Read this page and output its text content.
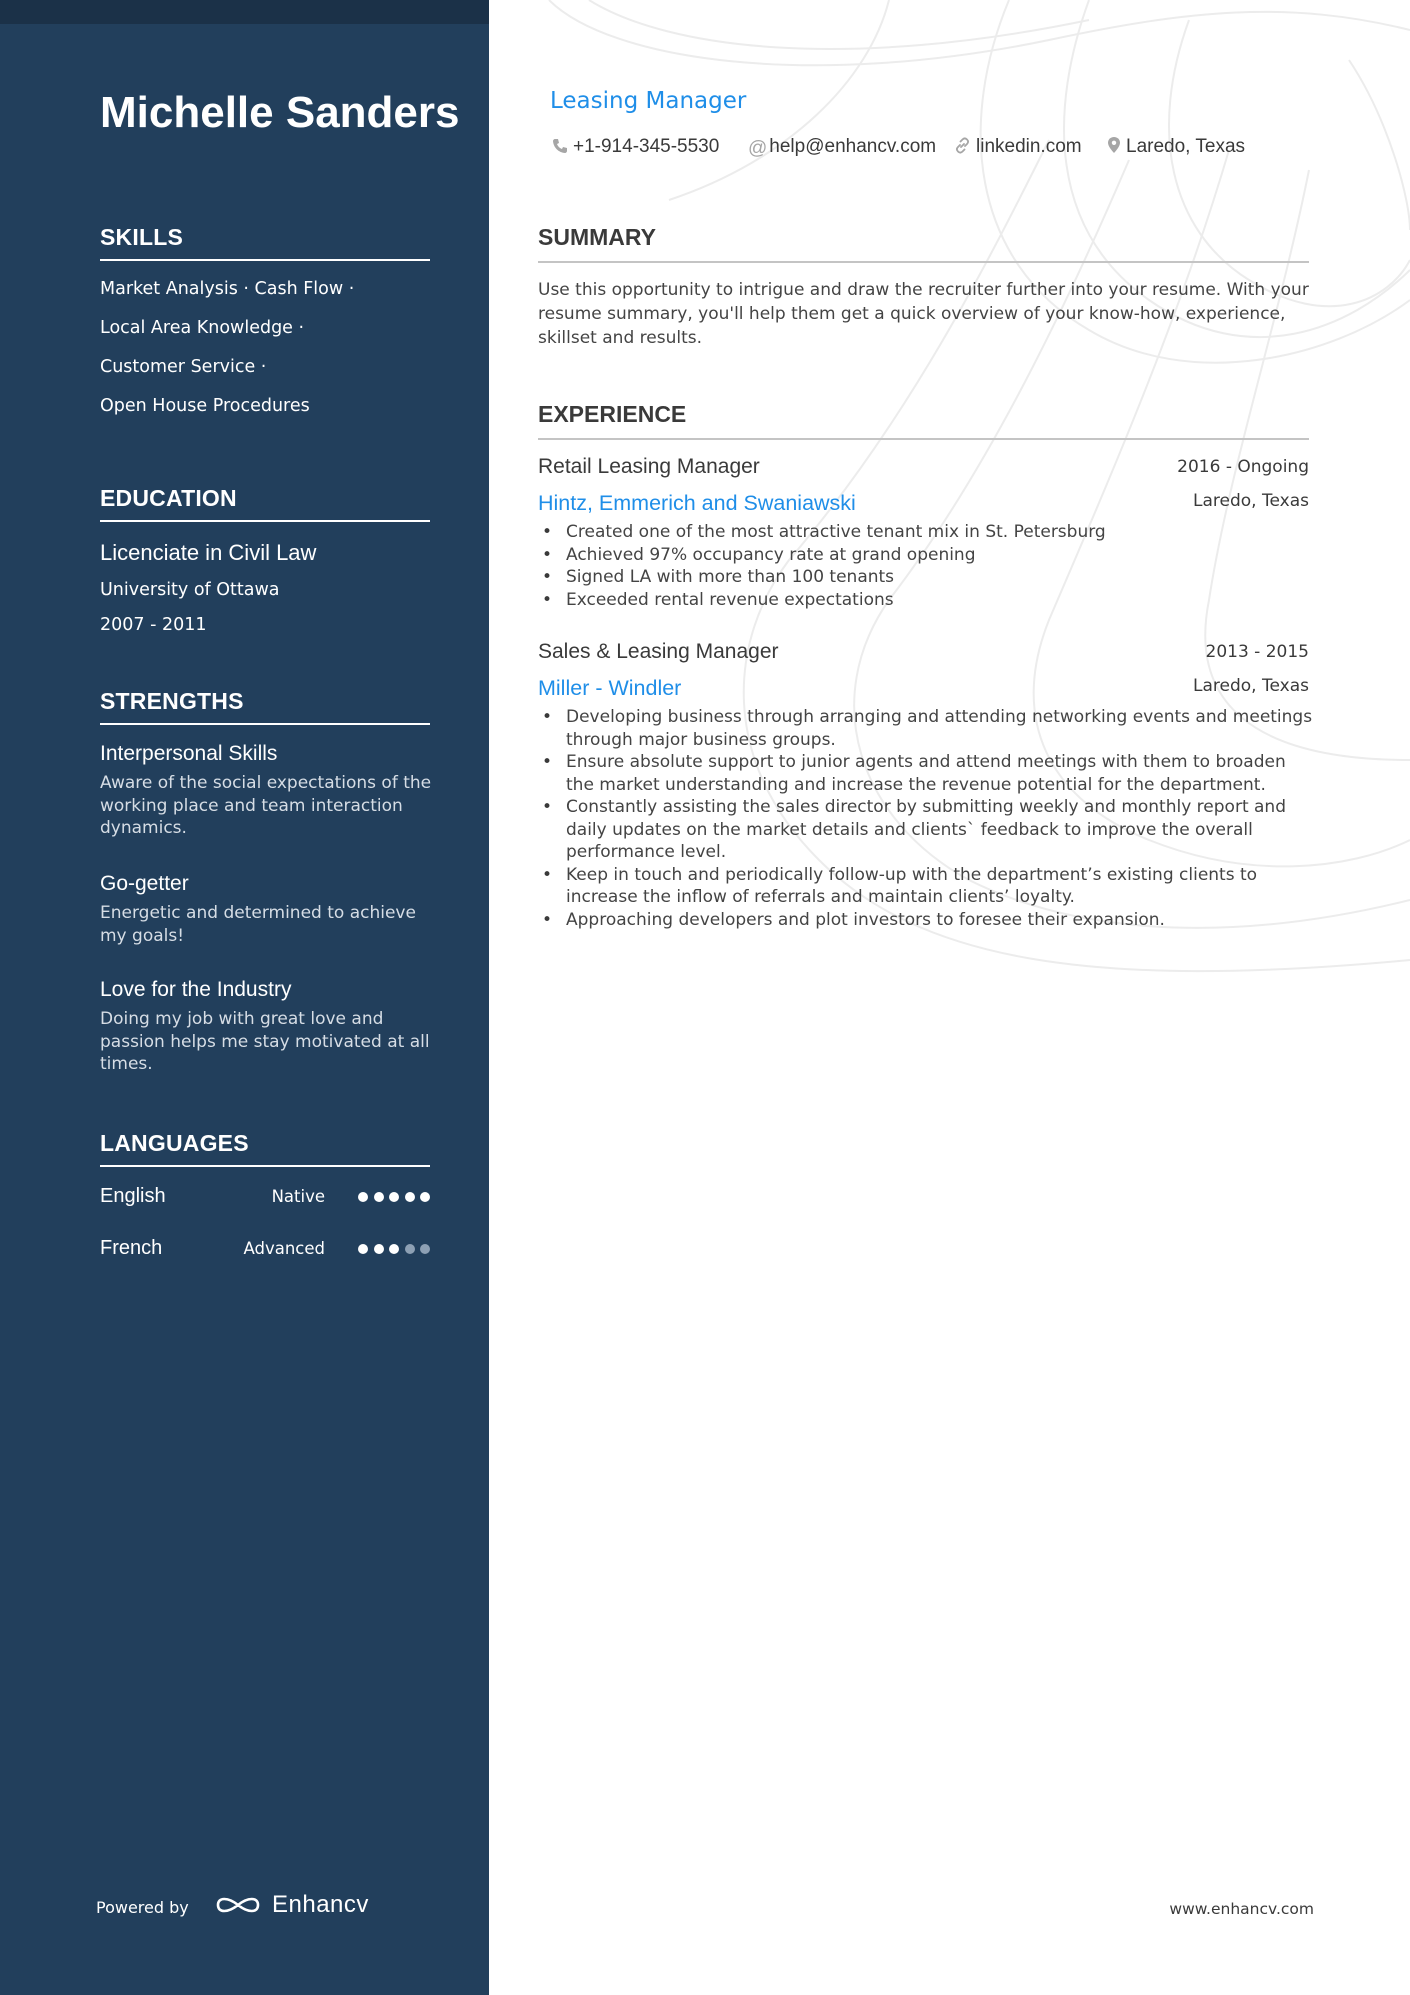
Michelle Sanders
SKILLS
Market Analysis · Cash Flow ·
Local Area Knowledge ·
Customer Service ·
Open House Procedures
EDUCATION
Licenciate in Civil Law
University of Ottawa
2007 - 2011
STRENGTHS
Interpersonal Skills
Aware of the social expectations of the working place and team interaction dynamics.
Go-getter
Energetic and determined to achieve my goals!
Love for the Industry
Doing my job with great love and passion helps me stay motivated at all times.
LANGUAGES
English	Native
French	Advanced
Powered by	Enhancv
Leasing Manager
+1-914-345-5530 @ help@enhancv.com	linkedin.com	Laredo, Texas
SUMMARY

Use this opportunity to intrigue and draw the recruiter further into your resume. With your resume summary, you'll help them get a quick overview of your know-how, experience, skillset and results.

EXPERIENCE
Retail Leasing Manager	2016 - Ongoing
Hintz, Emmerich and Swaniawski	Laredo, Texas
• Created one of the most attractive tenant mix in St. Petersburg
• Achieved 97% occupancy rate at grand opening
• Signed LA with more than 100 tenants
• Exceeded rental revenue expectations
Sales & Leasing Manager	2013 - 2015
Miller - Windler	Laredo, Texas
• Developing business through arranging and attending networking events and meetings through major business groups.
• Ensure absolute support to junior agents and attend meetings with them to broaden the market understanding and increase the revenue potential for the department.
• Constantly assisting the sales director by submitting weekly and monthly report and daily updates on the market details and clients` feedback to improve the overall performance level.
• Keep in touch and periodically follow-up with the department’s existing clients to increase the inflow of referrals and maintain clients’ loyalty.
• Approaching developers and plot investors to foresee their expansion.
www.enhancv.com
